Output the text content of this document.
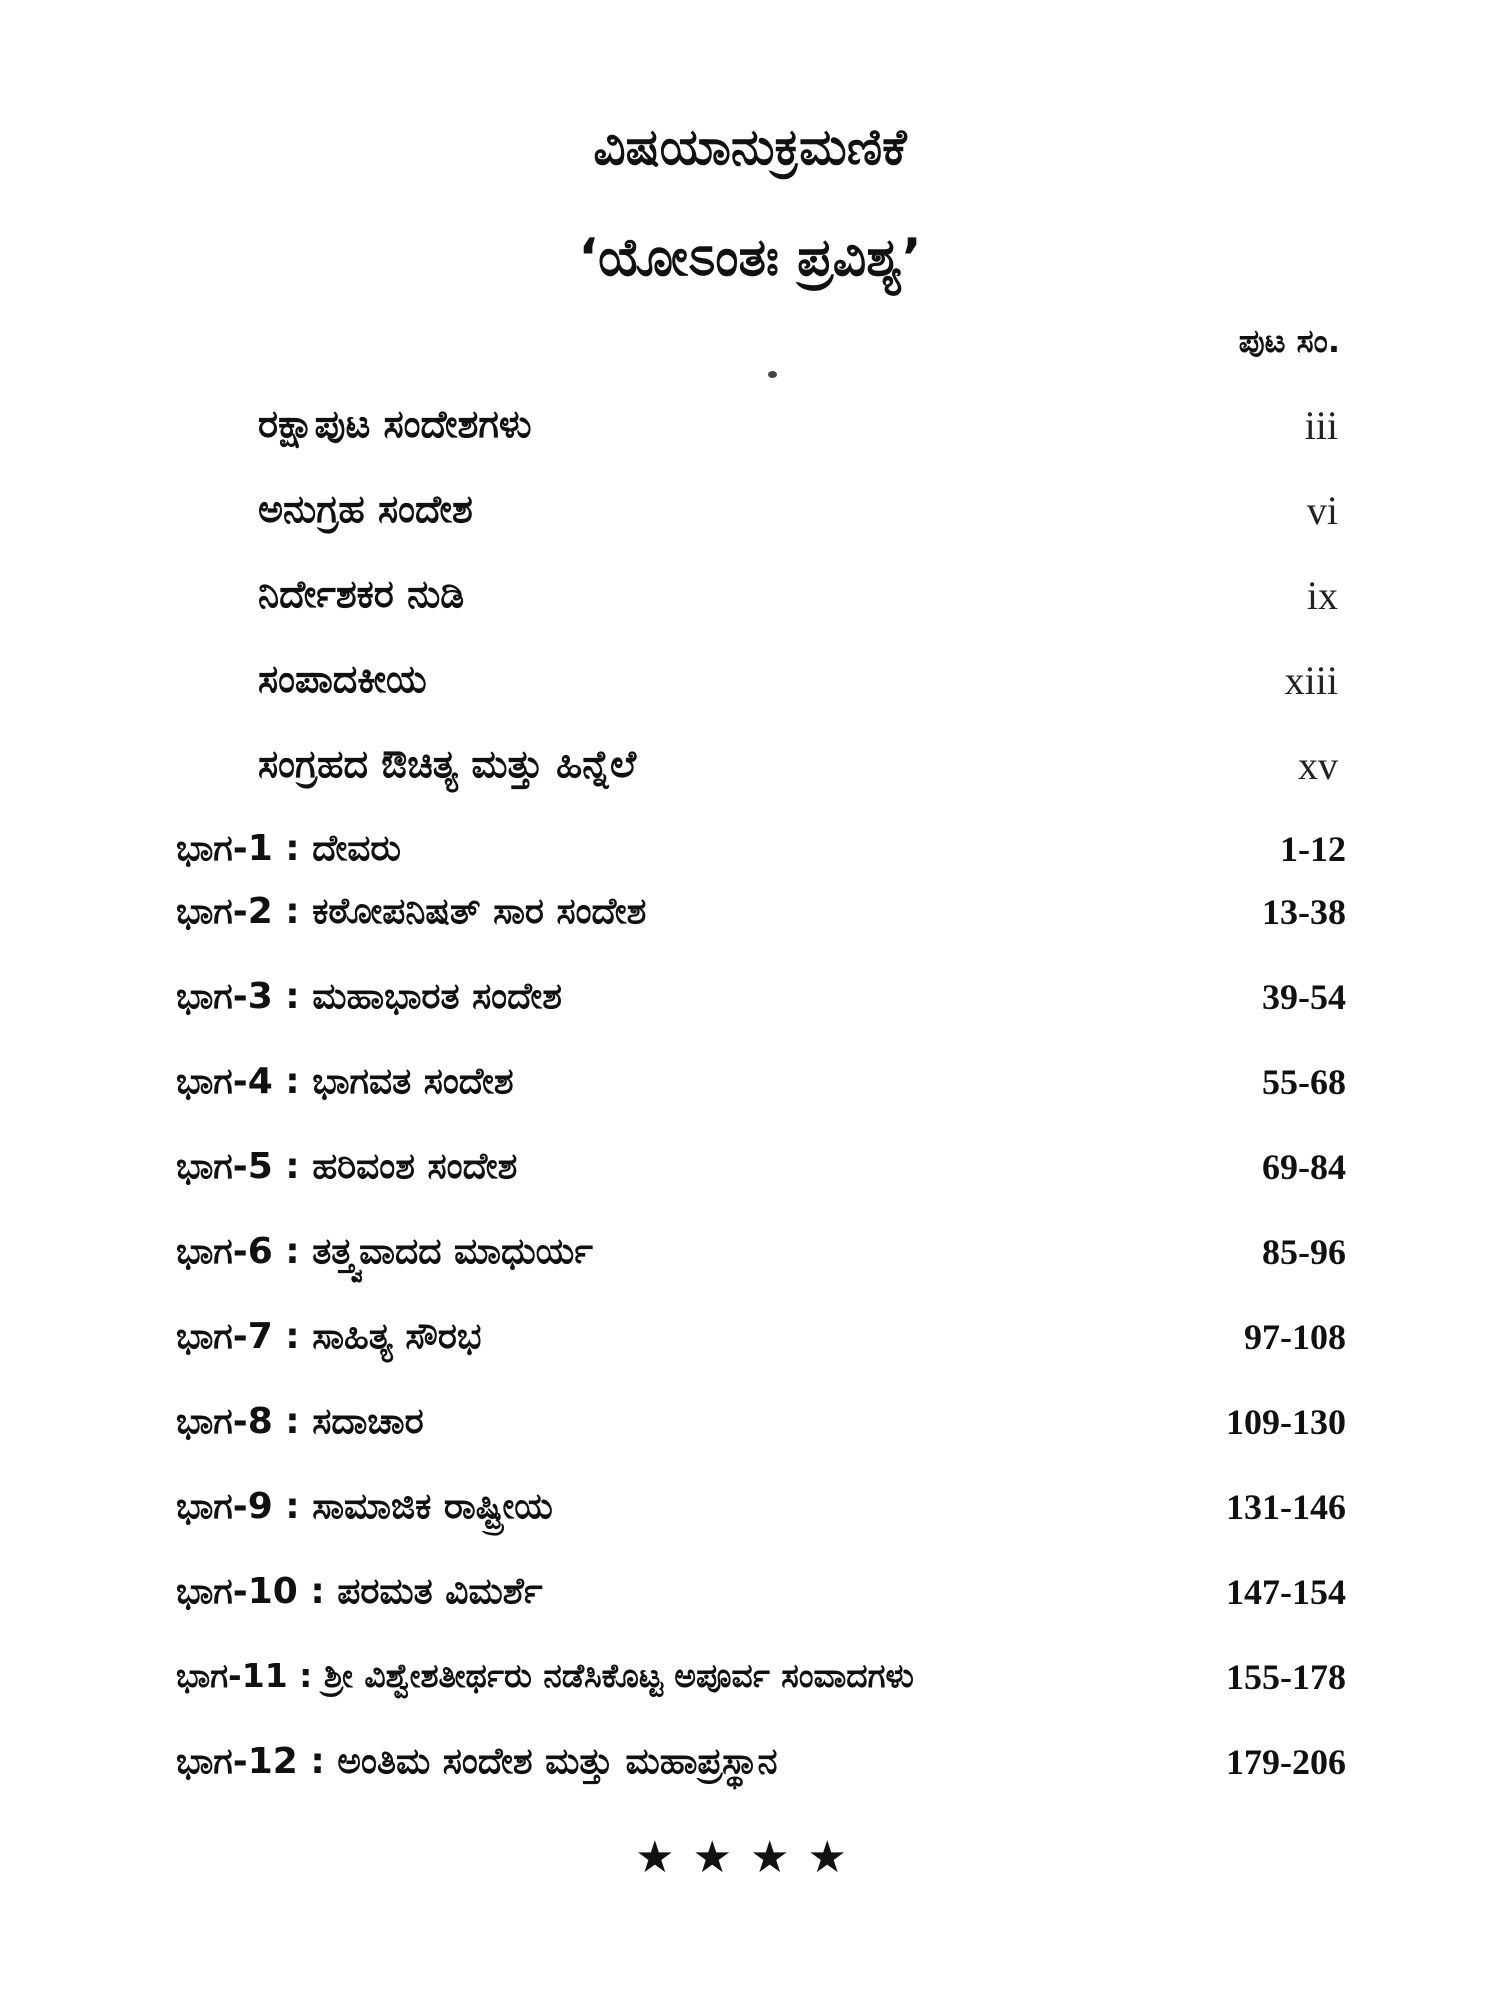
ವಿಷಯಾನುಕ್ರಮಣಿಕೆ
‘ಯೋಽಂತಃ ಪ್ರವಿಶ್ಯ’
ಪುಟ ಸಂ.
ರಕ್ಷಾಪುಟ ಸಂದೇಶಗಳು	iii
ಅನುಗ್ರಹ ಸಂದೇಶ	vi
ನಿರ್ದೇಶಕರ ನುಡಿ	ix
ಸಂಪಾದಕೀಯ	xiii
ಸಂಗ್ರಹದ ಔಚಿತ್ಯ ಮತ್ತು ಹಿನ್ನೆಲೆ	xv
ಭಾಗ-1 : ದೇವರು	1-12
ಭಾಗ-2 : ಕಠೋಪನಿಷತ್ ಸಾರ ಸಂದೇಶ	13-38
ಭಾಗ-3 : ಮಹಾಭಾರತ ಸಂದೇಶ	39-54
ಭಾಗ-4 : ಭಾಗವತ ಸಂದೇಶ	55-68
ಭಾಗ-5 : ಹರಿವಂಶ ಸಂದೇಶ	69-84
ಭಾಗ-6 : ತತ್ತ್ವವಾದದ ಮಾಧುರ್ಯ	85-96
ಭಾಗ-7 : ಸಾಹಿತ್ಯ ಸೌರಭ	97-108
ಭಾಗ-8 : ಸದಾಚಾರ	109-130
ಭಾಗ-9 : ಸಾಮಾಜಿಕ ರಾಷ್ಟ್ರೀಯ	131-146
ಭಾಗ-10 : ಪರಮತ ವಿಮರ್ಶೆ	147-154
ಭಾಗ-11 : ಶ್ರೀ ವಿಶ್ವೇಶತೀರ್ಥರು ನಡೆಸಿಕೊಟ್ಟ ಅಪೂರ್ವ ಸಂವಾದಗಳು	155-178
ಭಾಗ-12 : ಅಂತಿಮ ಸಂದೇಶ ಮತ್ತು ಮಹಾಪ್ರಸ್ಥಾನ	179-206
★★★★
